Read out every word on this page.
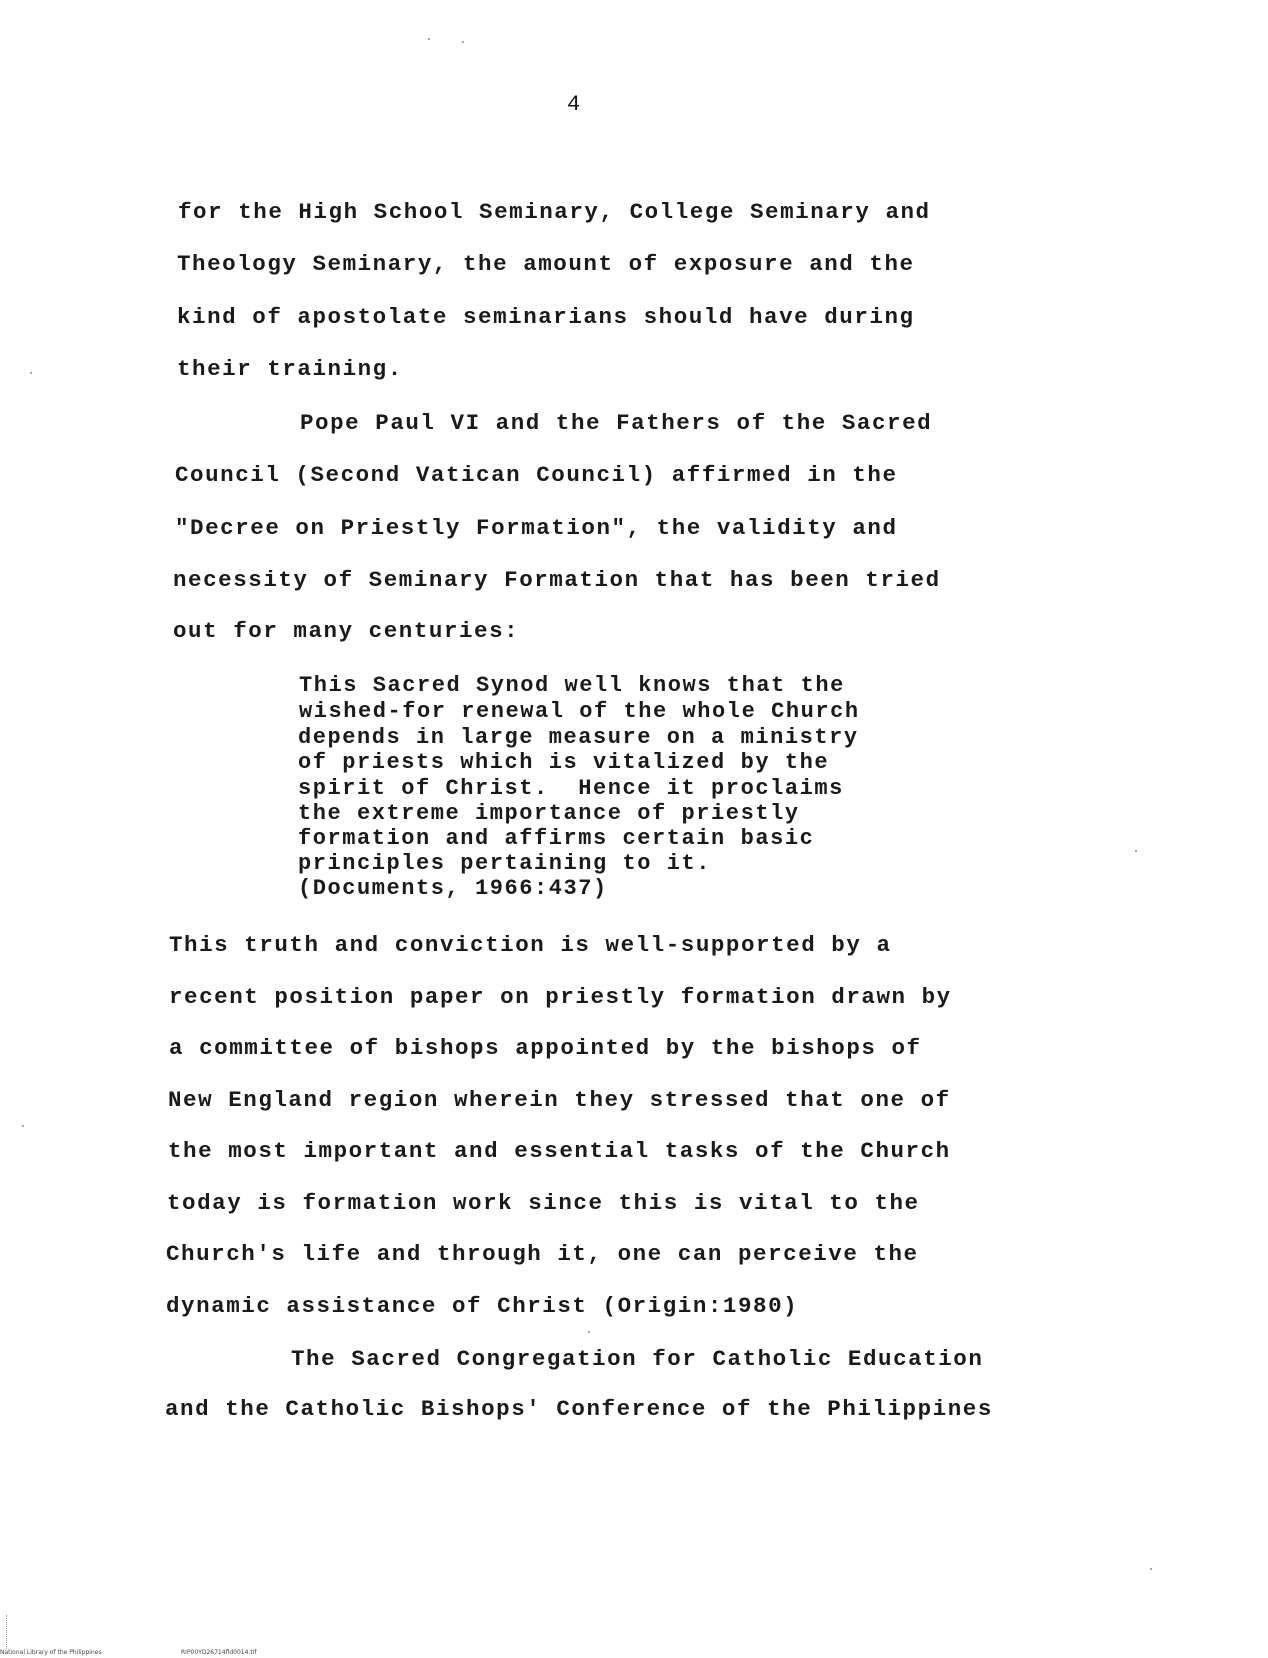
4
for the High School Seminary, College Seminary and
Theology Seminary, the amount of exposure and the
kind of apostolate seminarians should have during
their training.
Pope Paul VI and the Fathers of the Sacred
Council (Second Vatican Council) affirmed in the
"Decree on Priestly Formation", the validity and
necessity of Seminary Formation that has been tried
out for many centuries:
This Sacred Synod well knows that the
wished-for renewal of the whole Church
depends in large measure on a ministry
of priests which is vitalized by the
spirit of Christ.  Hence it proclaims
the extreme importance of priestly
formation and affirms certain basic
principles pertaining to it.
(Documents, 1966:437)
This truth and conviction is well-supported by a
recent position paper on priestly formation drawn by
a committee of bishops appointed by the bishops of
New England region wherein they stressed that one of
the most important and essential tasks of the Church
today is formation work since this is vital to the
Church's life and through it, one can perceive the
dynamic assistance of Christ (Origin:1980)
The Sacred Congregation for Catholic Education
and the Catholic Bishops' Conference of the Philippines
National Library of the Philippines	RIP00YD26714fld0014.tif
